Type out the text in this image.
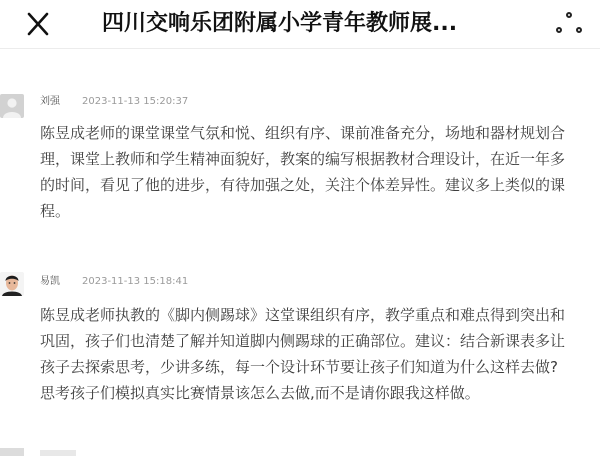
四川交响乐团附属小学青年教师展...
刘强 2023-11-13 15:20:37

陈昱成老师的课堂课堂气氛和悦、组织有序、课前准备充分，场地和器材规划合

理，课堂上教师和学生精神面貌好，教案的编写根据教材合理设计，在近一年多

的时间，看见了他的进步，有待加强之处，关注个体差异性。建议多上类似的课

程。

易凯 2023-11-13 15:18:41

陈昱成老师执教的《脚内侧踢球》这堂课组织有序，教学重点和难点得到突出和

巩固，孩子们也清楚了解并知道脚内侧踢球的正确部位。建议：结合新课表多让

孩子去探索思考，少讲多练，每一个设计环节要让孩子们知道为什么这样去做?

思考孩子们模拟真实比赛情景该怎么去做,而不是请你跟我这样做。
